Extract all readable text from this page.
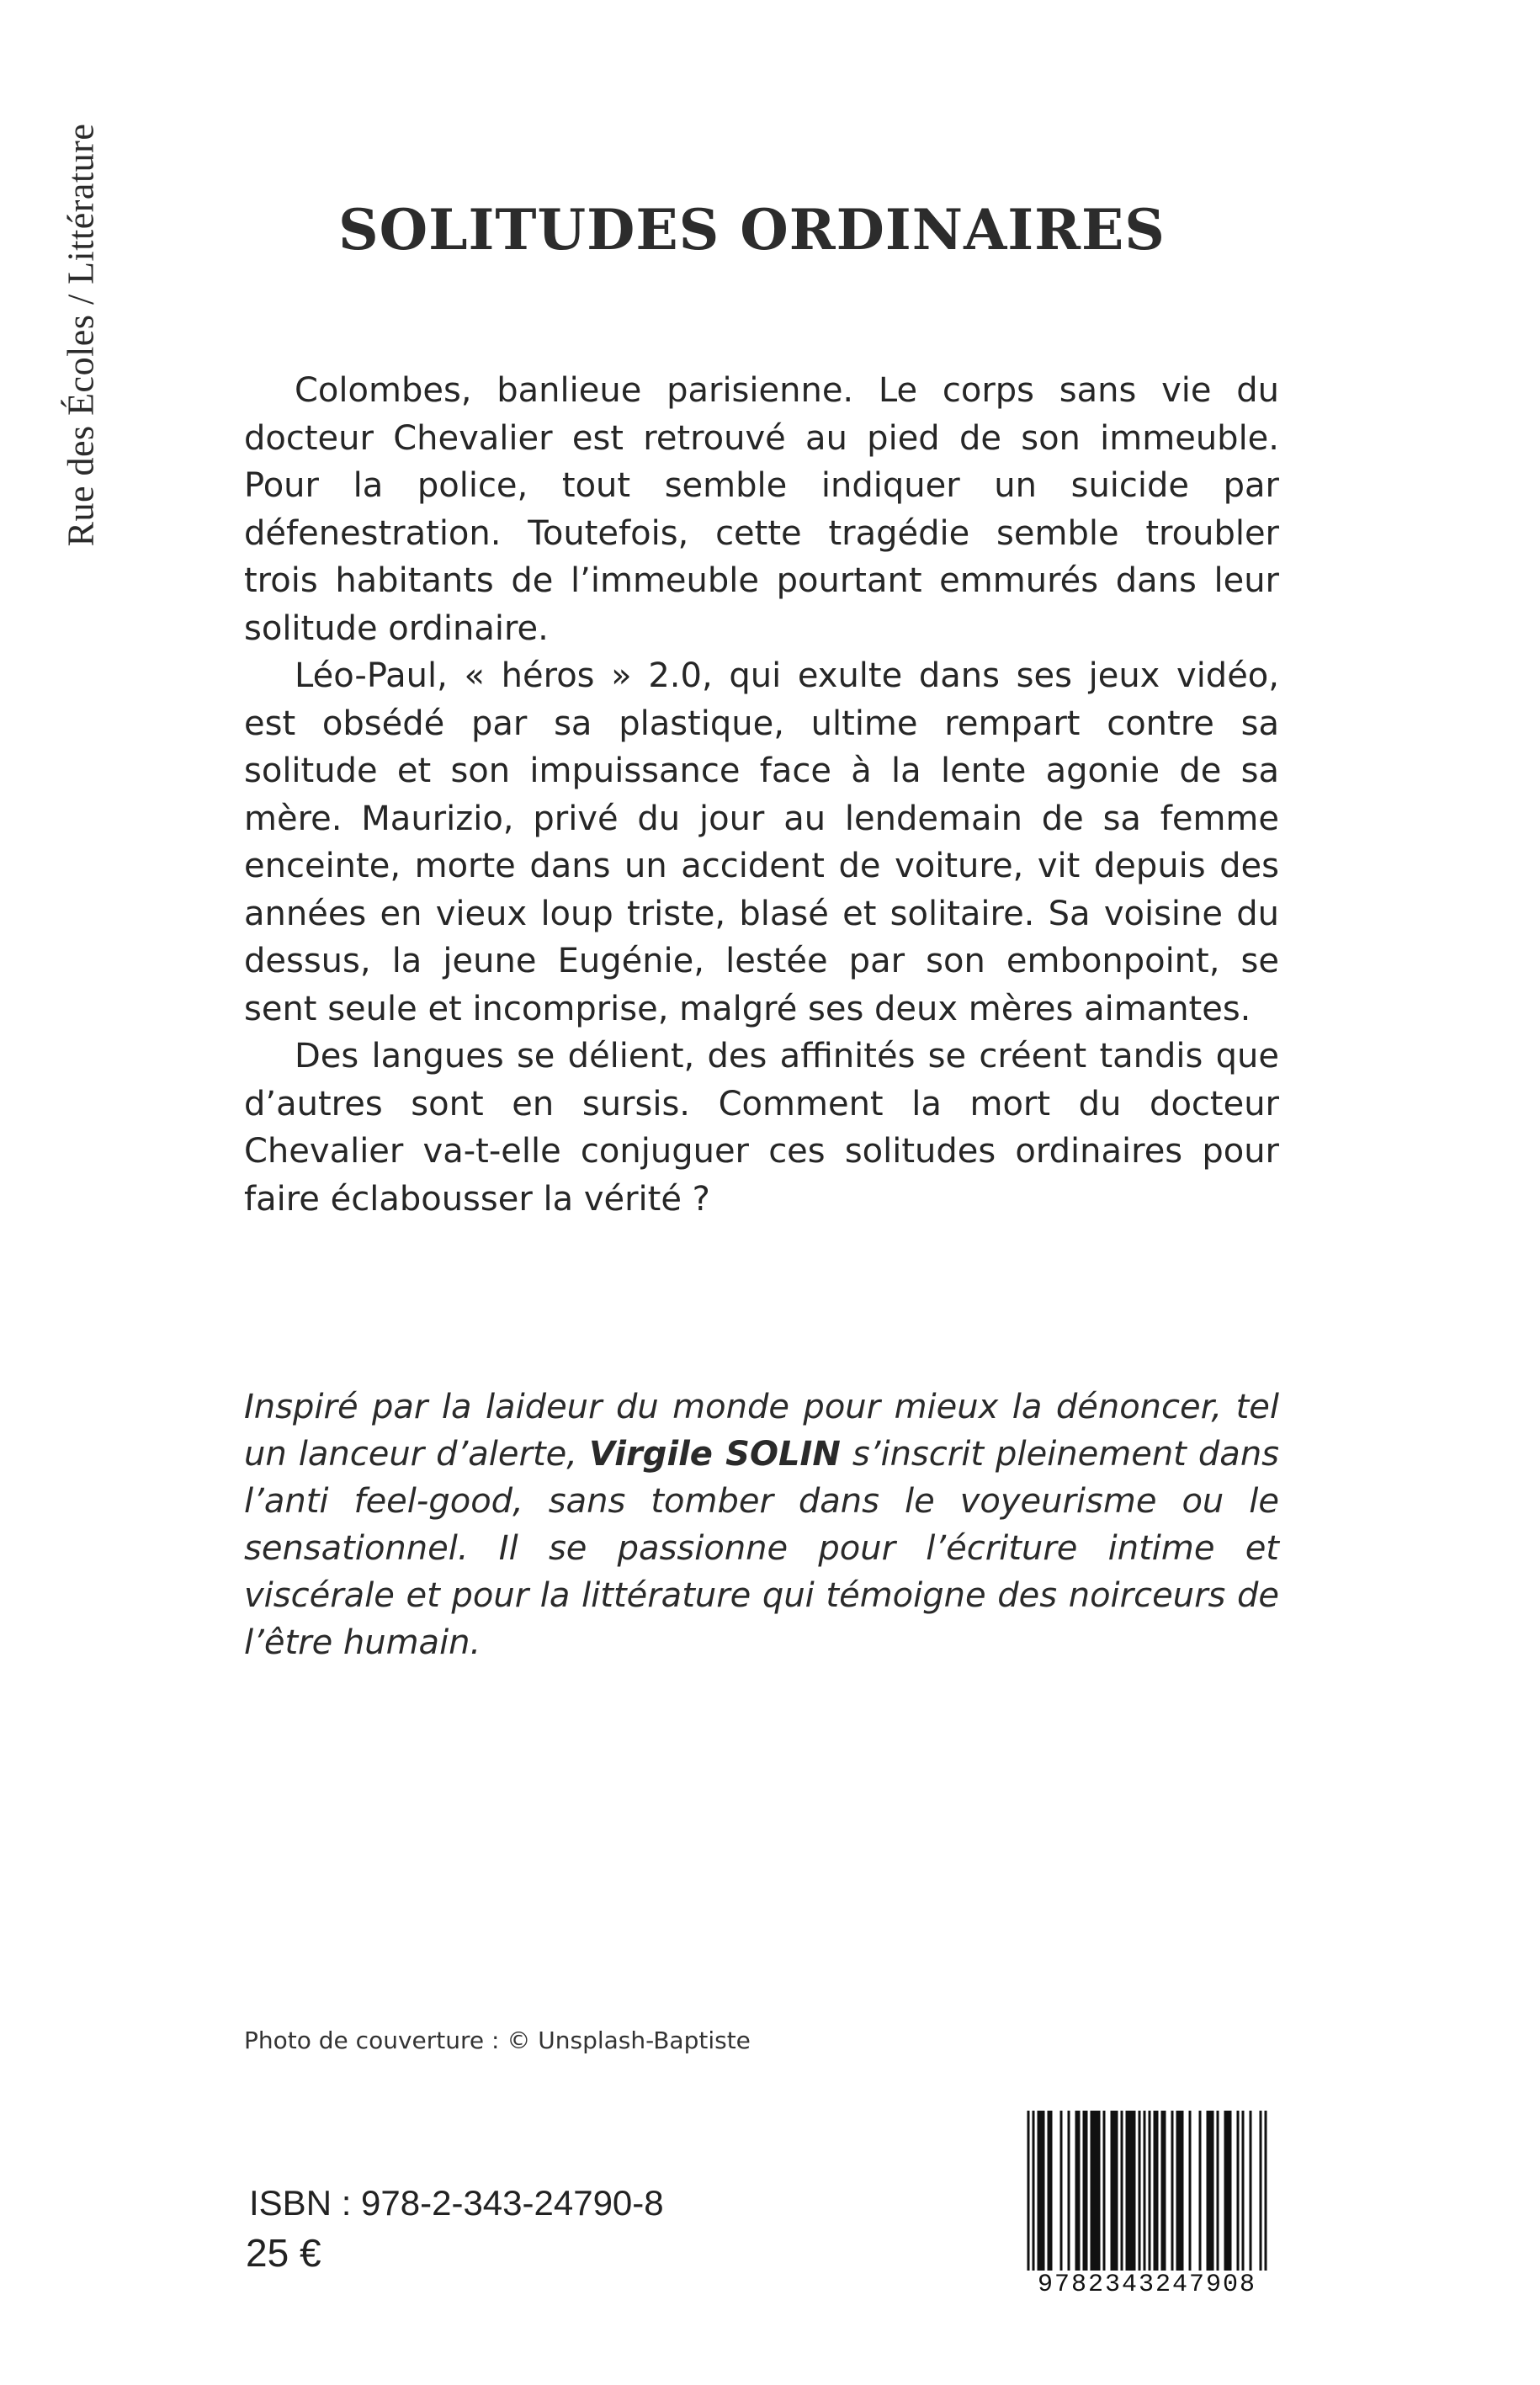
Rue des Écoles / Littérature	SOLITUDES ORDINAIRES

Colombes, banlieue parisienne. Le corps sans vie du docteur Chevalier est retrouvé au pied de son immeuble. Pour la police, tout semble indiquer un suicide par défenestration. Toutefois, cette tragédie semble troubler trois habitants de l’immeuble pourtant emmurés dans leur solitude ordinaire.

Léo-Paul, « héros » 2.0, qui exulte dans ses jeux vidéo, est obsédé par sa plastique, ultime rempart contre sa solitude et son impuissance face à la lente agonie de sa mère. Maurizio, privé du jour au lendemain de sa femme enceinte, morte dans un accident de voiture, vit depuis des années en vieux loup triste, blasé et solitaire. Sa voisine du dessus, la jeune Eugénie, lestée par son embonpoint, se sent seule et incomprise, malgré ses deux mères aimantes.

Des langues se délient, des affinités se créent tandis que d’autres sont en sursis. Comment la mort du docteur Chevalier va-t-elle conjuguer ces solitudes ordinaires pour faire éclabousser la vérité ?

Inspiré par la laideur du monde pour mieux la dénoncer, tel un lanceur d’alerte, Virgile SOLIN s’inscrit pleinement dans l’anti feel-good, sans tomber dans le voyeurisme ou le sensationnel. Il se passionne pour l’écriture intime et viscérale et pour la littérature qui témoigne des noirceurs de l’être humain.

Photo de couverture : © Unsplash-Baptiste
ISBN : 978-2-343-24790-8
25 €
9782343247908
